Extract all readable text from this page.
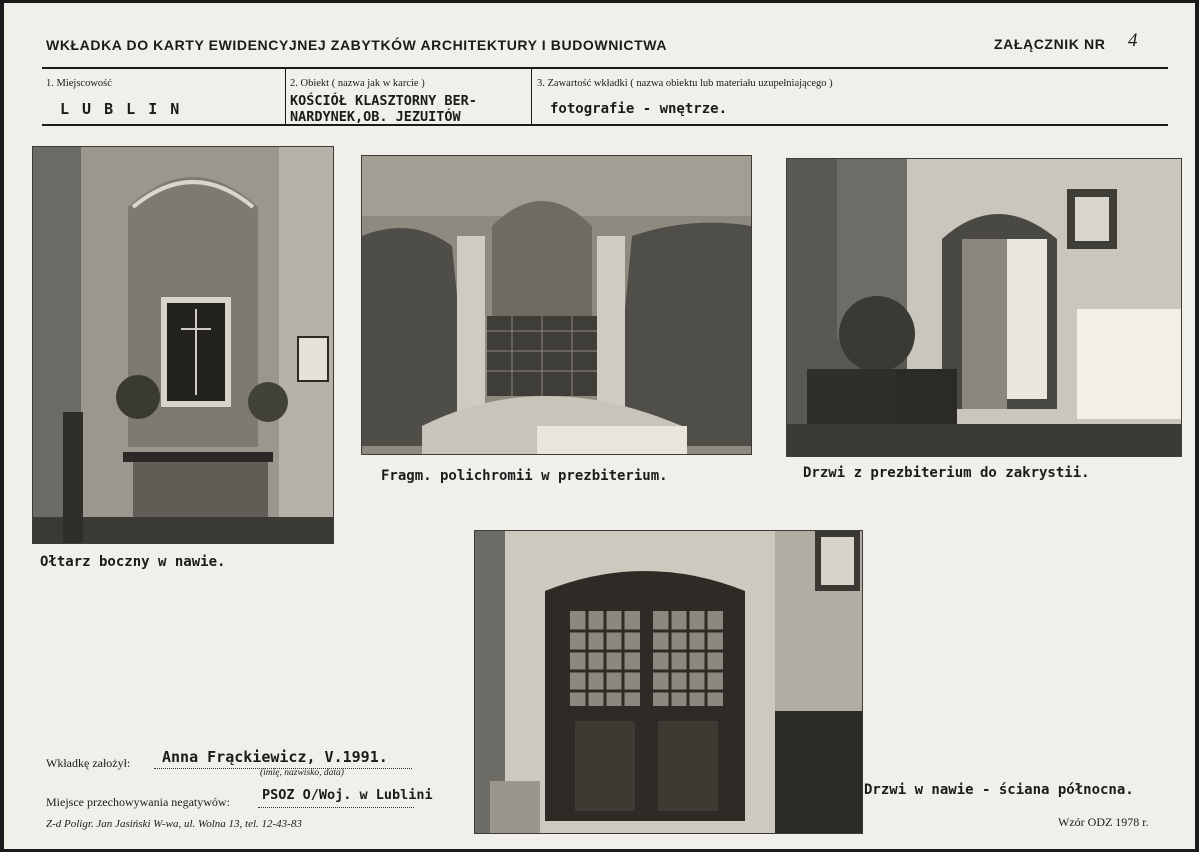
WKŁADKA DO KARTY EWIDENCYJNEJ ZABYTKÓW ARCHITEKTURY I BUDOWNICTWA	ZAŁĄCZNIK NR 4
1. Miejscowość
L U B L I N
2. Obiekt ( nazwa jak w karcie )
KOŚCIÓŁ KLASZTORNY BER-
NARDYNEK,OB. JEZUITÓW
3. Zawartość wkładki ( nazwa obiektu lub materiału uzupełniającego )
fotografie - wnętrze.
Ołtarz boczny w nawie.
Fragm. polichromii w prezbiterium.	Drzwi z prezbiterium do zakrystii.
Drzwi w nawie - ściana północna.
Wkładkę założył: Anna Frąckiewicz, V.1991.
(imię, nazwisko, data)
Miejsce przechowywania negatywów: PSOZ O/Woj. w Lublini
Z-d Poligr. Jan Jasiński W-wa, ul. Wolna 13, tel. 12-43-83	Wzór ODZ 1978 r.
